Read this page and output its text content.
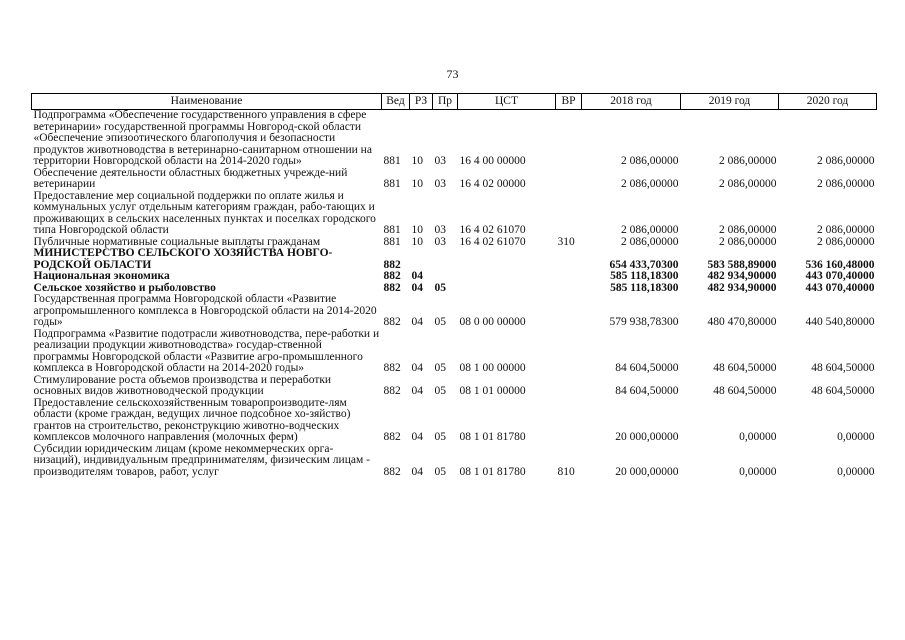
73
Наименование	Вед	РЗ	Пр	ЦСТ	ВР	2018 год	2019 год	2020 год
Подпрограмма «Обеспечение государственного управления в сфере ветеринарии» государственной программы Новгород-ской области «Обеспечение эпизоотического благополучия и безопасности продуктов животноводства в ветеринарно-санитарном отношении на территории Новгородской области на 2014-2020 годы»	881	10	03	16 4 00 00000		2 086,00000	2 086,00000	2 086,00000
Обеспечение деятельности областных бюджетных учрежде-ний ветеринарии	881	10	03	16 4 02 00000		2 086,00000	2 086,00000	2 086,00000
Предоставление мер социальной поддержки по оплате жилья и коммунальных услуг отдельным категориям граждан, рабо-тающих и проживающих в сельских населенных пунктах и поселках городского типа Новгородской области	881	10	03	16 4 02 61070		2 086,00000	2 086,00000	2 086,00000
Публичные нормативные социальные выплаты гражданам	881	10	03	16 4 02 61070	310	2 086,00000	2 086,00000	2 086,00000
МИНИСТЕРСТВО СЕЛЬСКОГО ХОЗЯЙСТВА НОВГО-РОДСКОЙ ОБЛАСТИ	882					654 433,70300	583 588,89000	536 160,48000
Национальная экономика	882	04				585 118,18300	482 934,90000	443 070,40000
Сельское хозяйство и рыболовство	882	04	05			585 118,18300	482 934,90000	443 070,40000
Государственная программа Новгородской области «Развитие агропромышленного комплекса в Новгородской области на 2014-2020 годы»	882	04	05	08 0 00 00000		579 938,78300	480 470,80000	440 540,80000
Подпрограмма «Развитие подотрасли животноводства, пере-работки и реализации продукции животноводства» государ-ственной программы Новгородской области «Развитие агро-промышленного комплекса в Новгородской области на 2014-2020 годы»	882	04	05	08 1 00 00000		84 604,50000	48 604,50000	48 604,50000
Стимулирование роста объемов производства и переработки основных видов животноводческой продукции	882	04	05	08 1 01 00000		84 604,50000	48 604,50000	48 604,50000
Предоставление сельскохозяйственным товаропроизводите-лям области (кроме граждан, ведущих личное подсобное хо-зяйство) грантов на строительство, реконструкцию животно-водческих комплексов молочного направления (молочных ферм)	882	04	05	08 1 01 81780		20 000,00000	0,00000	0,00000
Субсидии юридическим лицам (кроме некоммерческих орга-низаций), индивидуальным предпринимателям, физическим лицам - производителям товаров, работ, услуг	882	04	05	08 1 01 81780	810	20 000,00000	0,00000	0,00000
